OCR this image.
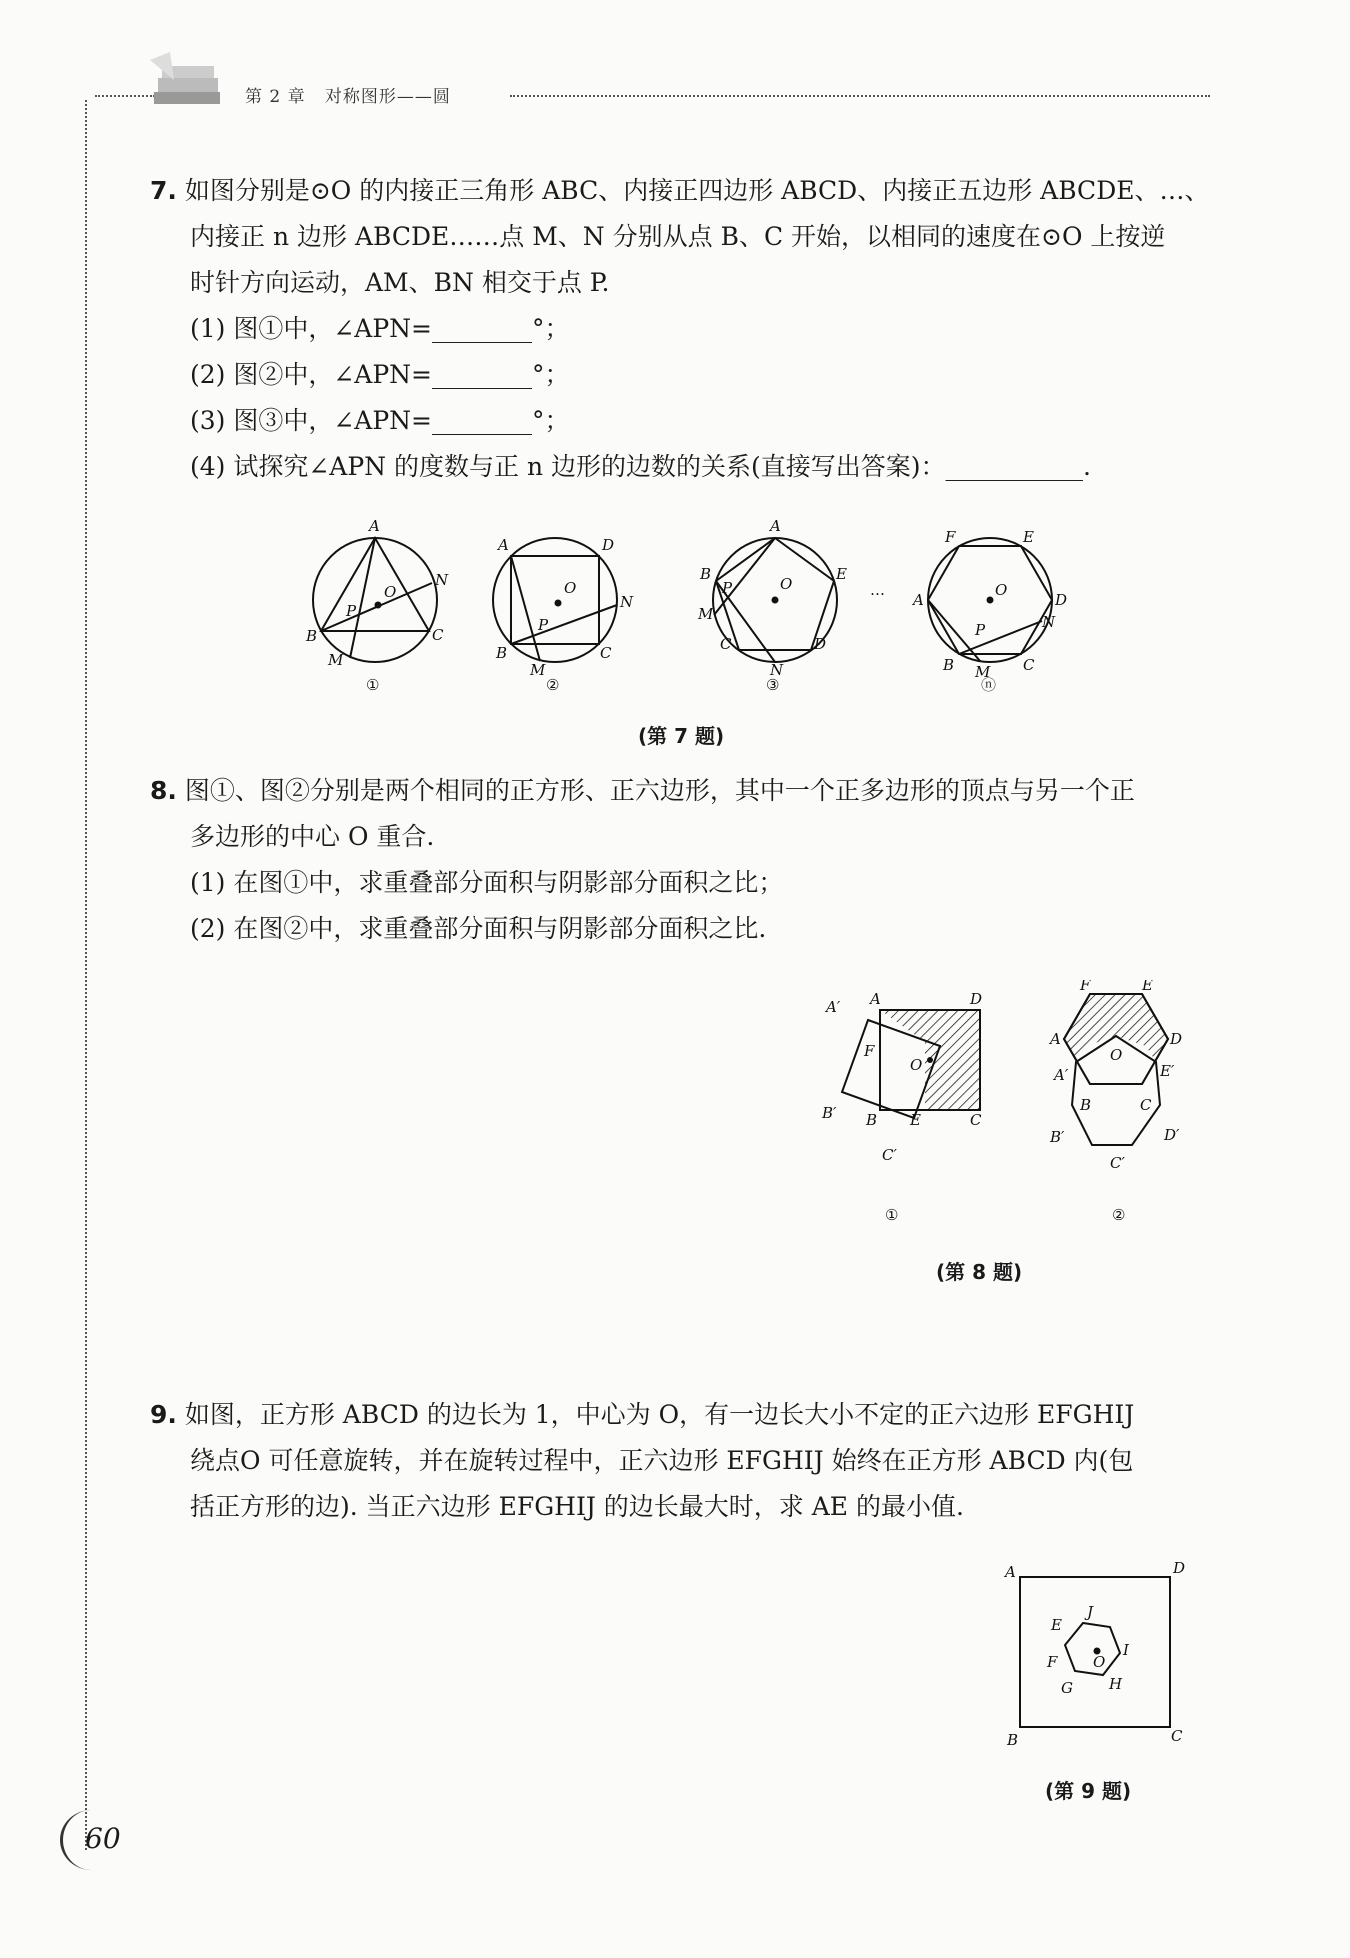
第 2 章 对称图形——圆
7. 如图分别是⊙O 的内接正三角形 ABC、内接正四边形 ABCD、内接正五边形 ABCDE、…、
内接正 n 边形 ABCDE……点 M、N 分别从点 B、C 开始，以相同的速度在⊙O 上按逆
时针方向运动，AM、BN 相交于点 P.
(1) 图①中，∠APN=________°；
(2) 图②中，∠APN=________°；
(3) 图③中，∠APN=________°；
(4) 试探究∠APN 的度数与正 n 边形的边数的关系(直接写出答案)：___________.
A
B	C
N
M
O
P
①
A	D
B	C
N
M
O
P
②
A
E
B
M
C	D
N
O
P
③
…
F	E
A	D
N
B	C
M
O
P
ⓝ
(第 7 题)
8. 图①、图②分别是两个相同的正方形、正六边形，其中一个正多边形的顶点与另一个正
多边形的中心 O 重合.
(1) 在图①中，求重叠部分面积与阴影部分面积之比；
(2) 在图②中，求重叠部分面积与阴影部分面积之比.
A′ A	D
F
O
B′ B E	C
C′
①
F	E
A	D
O
A′	E′
B	C
B′	D′
C′
②
(第 8 题)
9. 如图，正方形 ABCD 的边长为 1，中心为 O，有一边长大小不定的正六边形 EFGHIJ
绕点O 可任意旋转，并在旋转过程中，正六边形 EFGHIJ 始终在正方形 ABCD 内(包
括正方形的边). 当正六边形 EFGHIJ 的边长最大时，求 AE 的最小值.
A	D
B	C
E
J
I
F
G H
O
(第 9 题)
60
